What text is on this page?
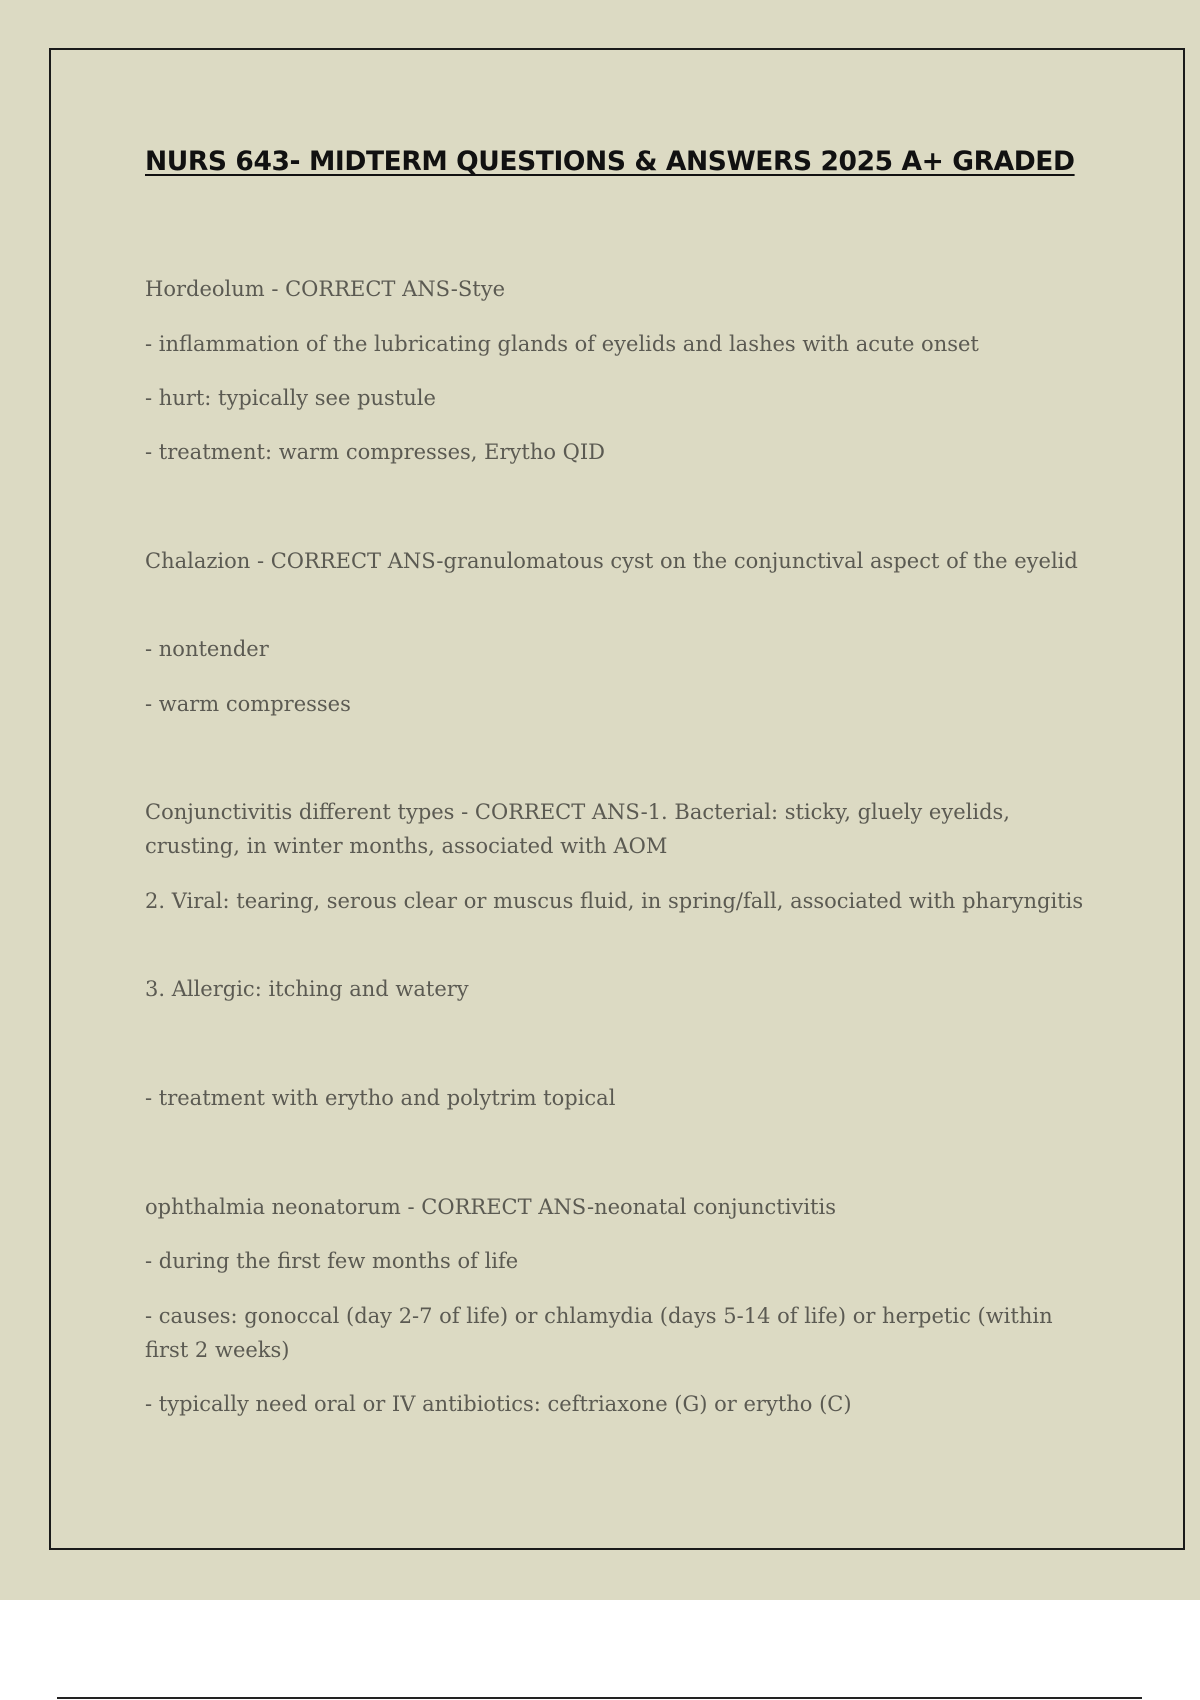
NURS 643- MIDTERM QUESTIONS & ANSWERS 2025 A+ GRADED

Hordeolum - CORRECT ANS-Stye

- inflammation of the lubricating glands of eyelids and lashes with acute onset

- hurt: typically see pustule

- treatment: warm compresses, Erytho QID

Chalazion - CORRECT ANS-granulomatous cyst on the conjunctival aspect of the eyelid

- nontender

- warm compresses

Conjunctivitis different types - CORRECT ANS-1. Bacterial: sticky, gluely eyelids, crusting, in winter months, associated with AOM

2. Viral: tearing, serous clear or muscus fluid, in spring/fall, associated with pharyngitis

3. Allergic: itching and watery

- treatment with erytho and polytrim topical

ophthalmia neonatorum - CORRECT ANS-neonatal conjunctivitis

- during the first few months of life

- causes: gonoccal (day 2-7 of life) or chlamydia (days 5-14 of life) or herpetic (within first 2 weeks)

- typically need oral or IV antibiotics: ceftriaxone (G) or erytho (C)
